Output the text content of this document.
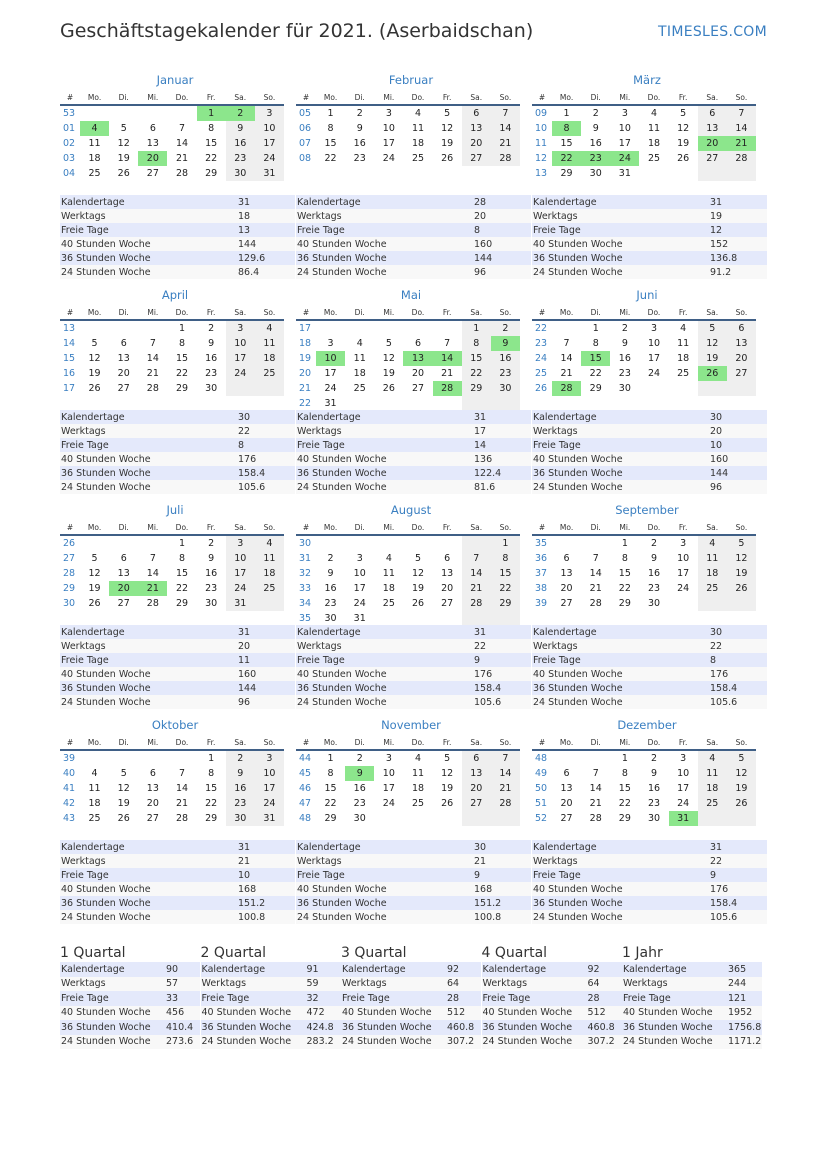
Geschäftstagekalender für 2021. (Aserbaidschan)	TIMESLES.COM
Januar
#	Mo.	Di.	Mi.	Do.	Fr.	Sa.	So.
53					1	2	3
01	4	5	6	7	8	9	10
02	11	12	13	14	15	16	17
03	18	19	20	21	22	23	24
04	25	26	27	28	29	30	31
Kalendertage	31
Werktags	18
Freie Tage	13
40 Stunden Woche	144
36 Stunden Woche	129.6
24 Stunden Woche	86.4
Februar
#	Mo.	Di.	Mi.	Do.	Fr.	Sa.	So.
05	1	2	3	4	5	6	7
06	8	9	10	11	12	13	14
07	15	16	17	18	19	20	21
08	22	23	24	25	26	27	28
Kalendertage	28
Werktags	20
Freie Tage	8
40 Stunden Woche	160
36 Stunden Woche	144
24 Stunden Woche	96
März
#	Mo.	Di.	Mi.	Do.	Fr.	Sa.	So.
09	1	2	3	4	5	6	7
10	8	9	10	11	12	13	14
11	15	16	17	18	19	20	21
12	22	23	24	25	26	27	28
13	29	30	31				
Kalendertage	31
Werktags	19
Freie Tage	12
40 Stunden Woche	152
36 Stunden Woche	136.8
24 Stunden Woche	91.2
April
#	Mo.	Di.	Mi.	Do.	Fr.	Sa.	So.
13				1	2	3	4
14	5	6	7	8	9	10	11
15	12	13	14	15	16	17	18
16	19	20	21	22	23	24	25
17	26	27	28	29	30		
Kalendertage	30
Werktags	22
Freie Tage	8
40 Stunden Woche	176
36 Stunden Woche	158.4
24 Stunden Woche	105.6
Mai
#	Mo.	Di.	Mi.	Do.	Fr.	Sa.	So.
17						1	2
18	3	4	5	6	7	8	9
19	10	11	12	13	14	15	16
20	17	18	19	20	21	22	23
21	24	25	26	27	28	29	30
22	31						
Kalendertage	31
Werktags	17
Freie Tage	14
40 Stunden Woche	136
36 Stunden Woche	122.4
24 Stunden Woche	81.6
Juni
#	Mo.	Di.	Mi.	Do.	Fr.	Sa.	So.
22		1	2	3	4	5	6
23	7	8	9	10	11	12	13
24	14	15	16	17	18	19	20
25	21	22	23	24	25	26	27
26	28	29	30				
Kalendertage	30
Werktags	20
Freie Tage	10
40 Stunden Woche	160
36 Stunden Woche	144
24 Stunden Woche	96
Juli
#	Mo.	Di.	Mi.	Do.	Fr.	Sa.	So.
26				1	2	3	4
27	5	6	7	8	9	10	11
28	12	13	14	15	16	17	18
29	19	20	21	22	23	24	25
30	26	27	28	29	30	31	
Kalendertage	31
Werktags	20
Freie Tage	11
40 Stunden Woche	160
36 Stunden Woche	144
24 Stunden Woche	96
August
#	Mo.	Di.	Mi.	Do.	Fr.	Sa.	So.
30							1
31	2	3	4	5	6	7	8
32	9	10	11	12	13	14	15
33	16	17	18	19	20	21	22
34	23	24	25	26	27	28	29
35	30	31					
Kalendertage	31
Werktags	22
Freie Tage	9
40 Stunden Woche	176
36 Stunden Woche	158.4
24 Stunden Woche	105.6
September
#	Mo.	Di.	Mi.	Do.	Fr.	Sa.	So.
35			1	2	3	4	5
36	6	7	8	9	10	11	12
37	13	14	15	16	17	18	19
38	20	21	22	23	24	25	26
39	27	28	29	30			
Kalendertage	30
Werktags	22
Freie Tage	8
40 Stunden Woche	176
36 Stunden Woche	158.4
24 Stunden Woche	105.6
Oktober
#	Mo.	Di.	Mi.	Do.	Fr.	Sa.	So.
39					1	2	3
40	4	5	6	7	8	9	10
41	11	12	13	14	15	16	17
42	18	19	20	21	22	23	24
43	25	26	27	28	29	30	31
Kalendertage	31
Werktags	21
Freie Tage	10
40 Stunden Woche	168
36 Stunden Woche	151.2
24 Stunden Woche	100.8
November
#	Mo.	Di.	Mi.	Do.	Fr.	Sa.	So.
44	1	2	3	4	5	6	7
45	8	9	10	11	12	13	14
46	15	16	17	18	19	20	21
47	22	23	24	25	26	27	28
48	29	30					
Kalendertage	30
Werktags	21
Freie Tage	9
40 Stunden Woche	168
36 Stunden Woche	151.2
24 Stunden Woche	100.8
Dezember
#	Mo.	Di.	Mi.	Do.	Fr.	Sa.	So.
48			1	2	3	4	5
49	6	7	8	9	10	11	12
50	13	14	15	16	17	18	19
51	20	21	22	23	24	25	26
52	27	28	29	30	31		
Kalendertage	31
Werktags	22
Freie Tage	9
40 Stunden Woche	176
36 Stunden Woche	158.4
24 Stunden Woche	105.6
1 Quartal
Kalendertage	90
Werktags	57
Freie Tage	33
40 Stunden Woche	456
36 Stunden Woche	410.4
24 Stunden Woche	273.6
2 Quartal
Kalendertage	91
Werktags	59
Freie Tage	32
40 Stunden Woche	472
36 Stunden Woche	424.8
24 Stunden Woche	283.2
3 Quartal
Kalendertage	92
Werktags	64
Freie Tage	28
40 Stunden Woche	512
36 Stunden Woche	460.8
24 Stunden Woche	307.2
4 Quartal
Kalendertage	92
Werktags	64
Freie Tage	28
40 Stunden Woche	512
36 Stunden Woche	460.8
24 Stunden Woche	307.2
1 Jahr
Kalendertage	365
Werktags	244
Freie Tage	121
40 Stunden Woche	1952
36 Stunden Woche	1756.8
24 Stunden Woche	1171.2
